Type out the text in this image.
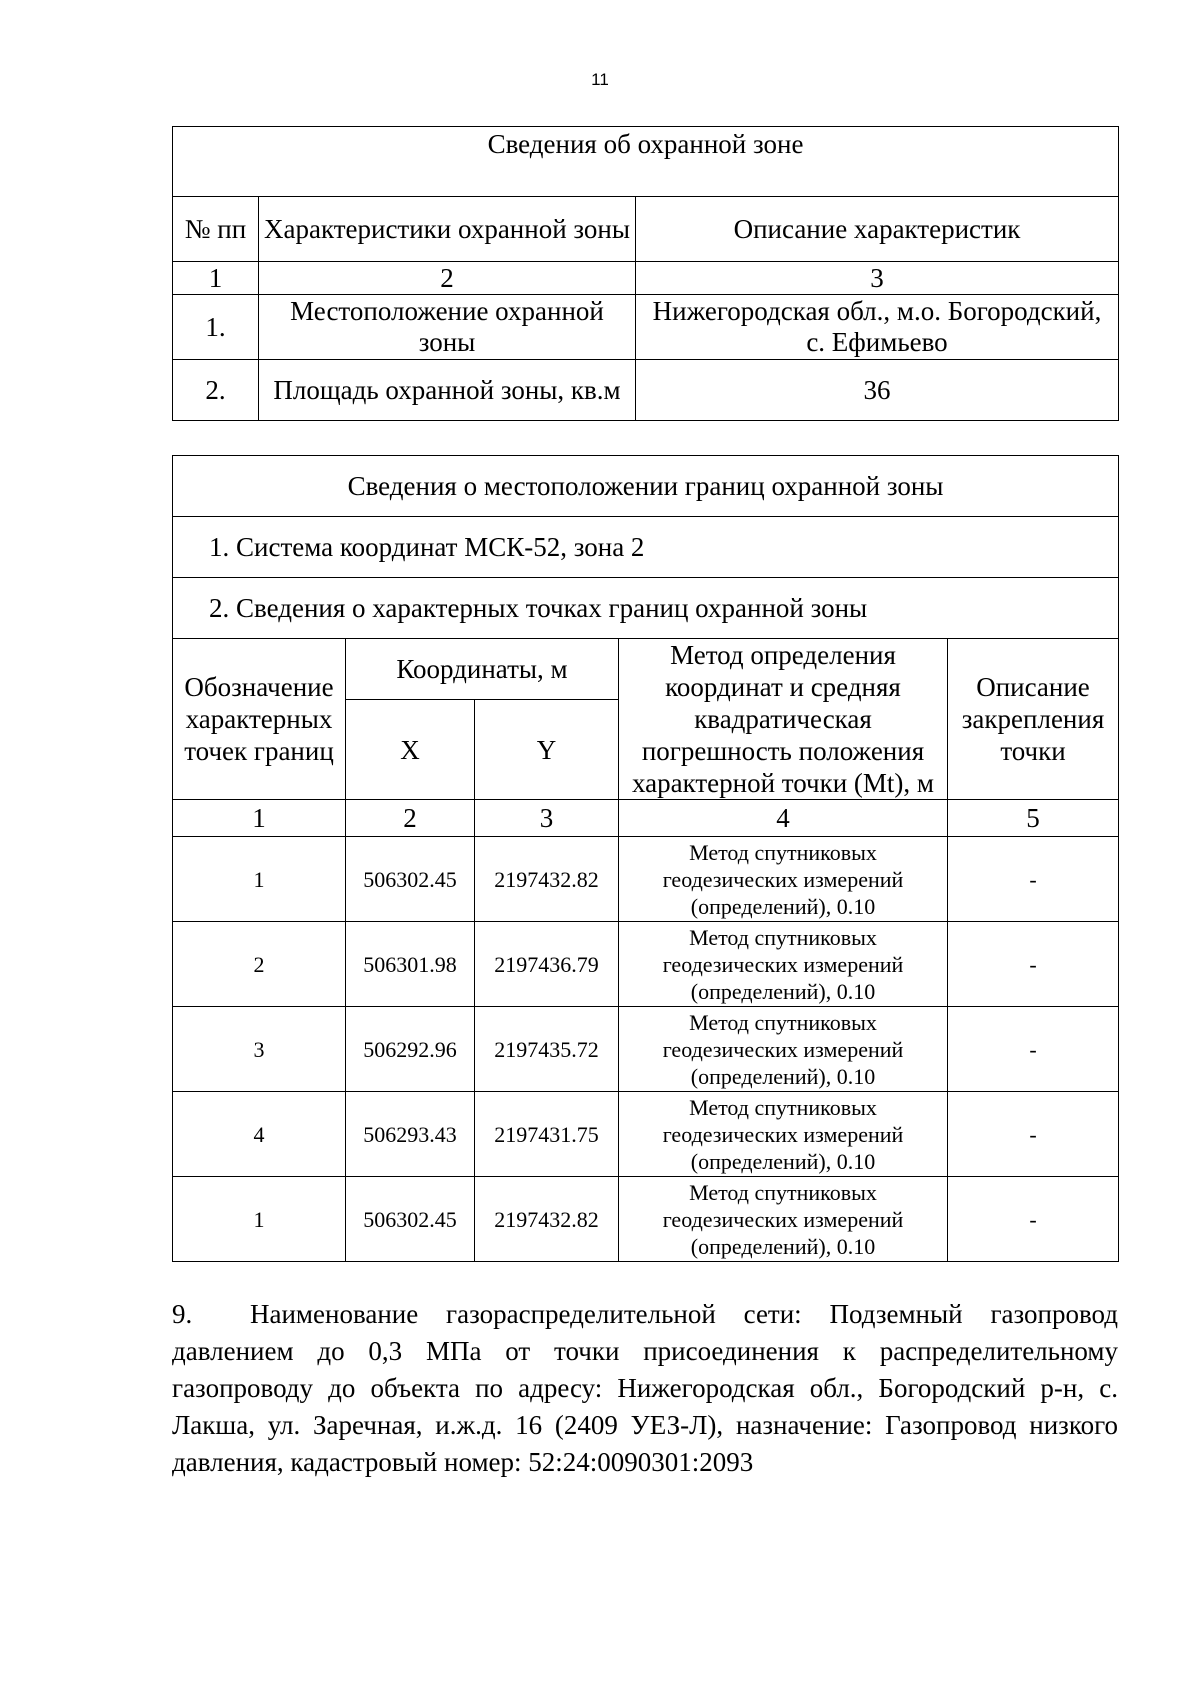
11
Сведения об охранной зоне		
№ пп	Характеристики охранной зоны	Описание характеристик
1	2	3
1.	Местоположение охранной зоны	Нижегородская обл., м.о. Богородский, с. Ефимьево
2.	Площадь охранной зоны, кв.м	36
Сведения о местоположении границ охранной зоны				
1. Система координат МСК-52, зона 2				
2. Сведения о характерных точках границ охранной зоны				
Обозначение характерных точек границ	Координаты, м		Метод определения координат и средняя квадратическая погрешность положения характерной точки (Mt), м	Описание закрепления точки
	X	Y		
1	2	3	4	5
1	506302.45	2197432.82	Метод спутниковых геодезических измерений (определений), 0.10	-
2	506301.98	2197436.79	Метод спутниковых геодезических измерений (определений), 0.10	-
3	506292.96	2197435.72	Метод спутниковых геодезических измерений (определений), 0.10	-
4	506293.43	2197431.75	Метод спутниковых геодезических измерений (определений), 0.10	-
1	506302.45	2197432.82	Метод спутниковых геодезических измерений (определений), 0.10	-
9. Наименование газораспределительной сети: Подземный газопровод давлением до 0,3 МПа от точки присоединения к распределительному газопроводу до объекта по адресу: Нижегородская обл., Богородский р-н, с. Лакша, ул. Заречная, и.ж.д. 16 (2409 УЕЗ-Л), назначение: Газопровод низкого давления, кадастровый номер: 52:24:0090301:2093
